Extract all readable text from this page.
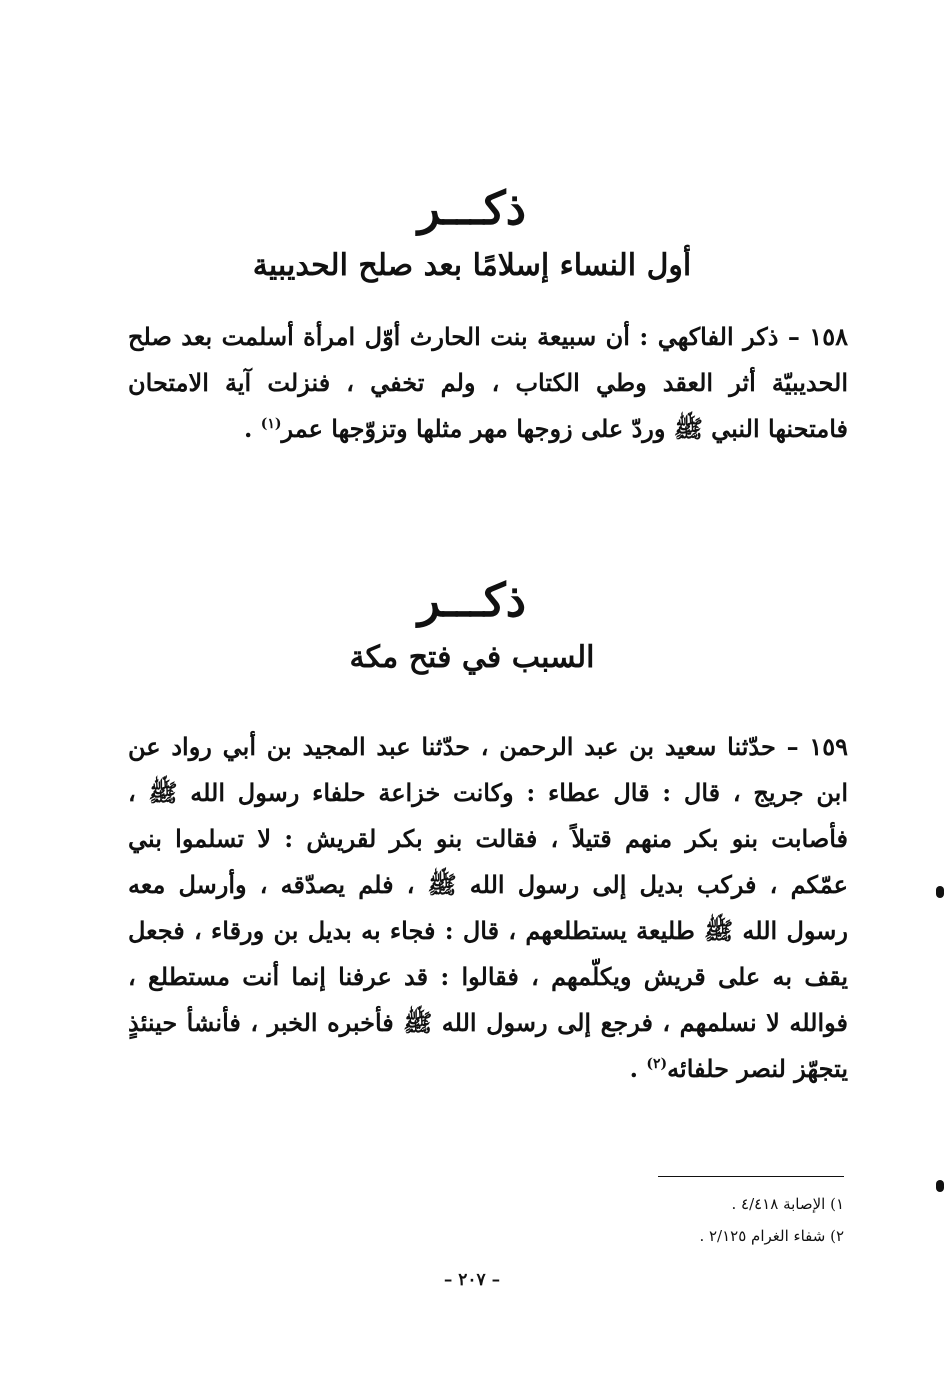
ذكـــر
أول النساء إسلامًا بعد صلح الحديبية
١٥٨ – ذكر الفاكهي : أن سبيعة بنت الحارث أوّل امرأة أسلمت بعد صلح الحديبيّة أثر العقد وطي الكتاب ، ولم تخفي ، فنزلت آية الامتحان فامتحنها النبي ﷺ وردّ على زوجها مهر مثلها وتزوّجها عمر$^{(١)}$ .
ذكـــر
السبب في فتح مكة
١٥٩ – حدّثنا سعيد بن عبد الرحمن ، حدّثنا عبد المجيد بن أبي رواد عن ابن جريج ، قال : قال عطاء : وكانت خزاعة حلفاء رسول الله ﷺ ، فأصابت بنو بكر منهم قتيلاً ، فقالت بنو بكر لقريش : لا تسلموا بني عمّكم ، فركب بديل إلى رسول الله ﷺ ، فلم يصدّقه ، وأرسل معه رسول الله ﷺ طليعة يستطلعهم ، قال : فجاء به بديل بن ورقاء ، فجعل يقف به على قريش ويكلّمهم ، فقالوا : قد عرفنا إنما أنت مستطلع ، فوالله لا نسلمهم ، فرجع إلى رسول الله ﷺ فأخبره الخبر ، فأنشأ حينئذٍ يتجهّز لنصر حلفائه$^{(٢)}$ .
١) الإصابة ٤/٤١٨ .
٢) شفاء الغرام ٢/١٢٥ .
– ٢٠٧ –
